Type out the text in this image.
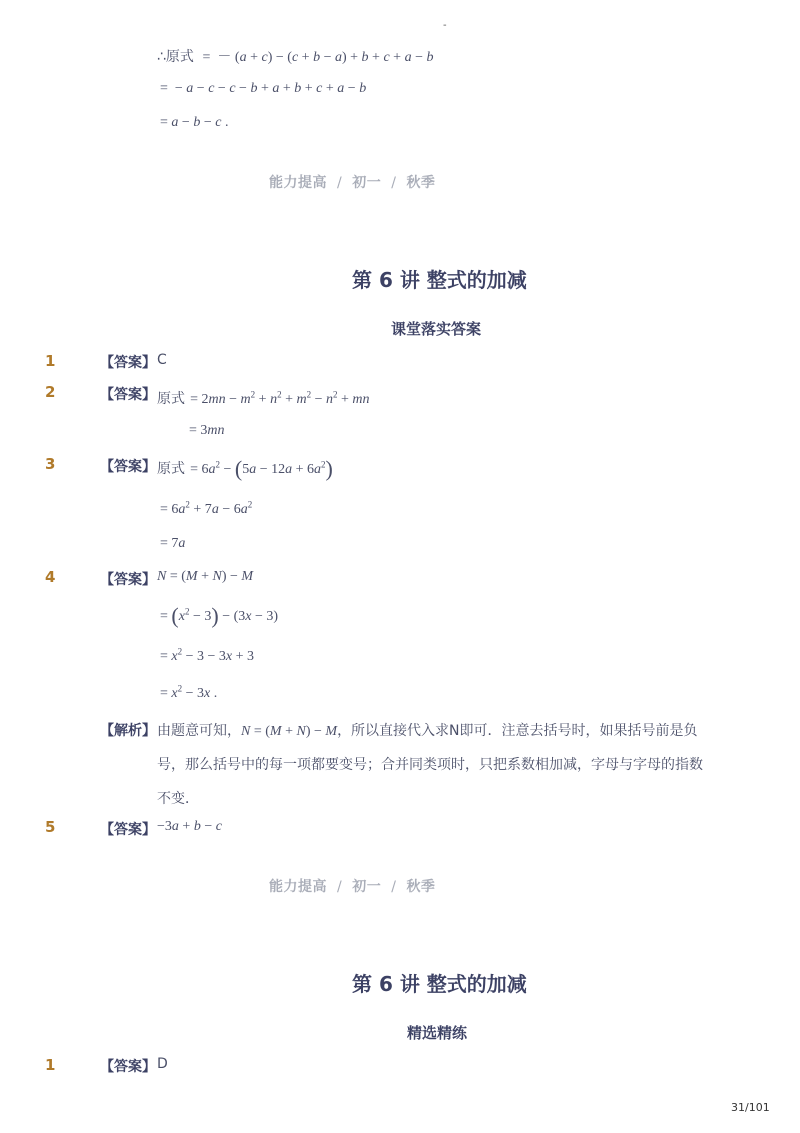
-
∴原式  =  － (a + c) − (c + b − a) + b + c + a − b
=  − a − c − c − b + a + b + c + a − b
= a − b − c .
能力提高 / 初一 / 秋季
第 6 讲 整式的加减
课堂落实答案
1	【答案】 C
2	【答案】 原式 = $2mn - m^2 + n^2 + m^2 - n^2$ + mn
= 3mn
3	【答案】 原式 = $6a^2 - (5a - 12a + 6a^2)$
= $6a^2 + 7a - 6a^2$
= 7a
4	【答案】 N = (M + N) − M
= $(x^2 - 3) - (3x - 3)$
= $x^2 - 3 - 3x + 3$
= $x^2 - 3x$ .
【解析】 由题意可知，N = (M + N) − M，所以直接代入求N即可．注意去括号时，如果括号前是负
号，那么括号中的每一项都要变号；合并同类项时，只把系数相加减，字母与字母的指数
不变．
5	【答案】 −3a + b − c
能力提高 / 初一 / 秋季
第 6 讲 整式的加减
精选精练
1	【答案】 D
31/101
